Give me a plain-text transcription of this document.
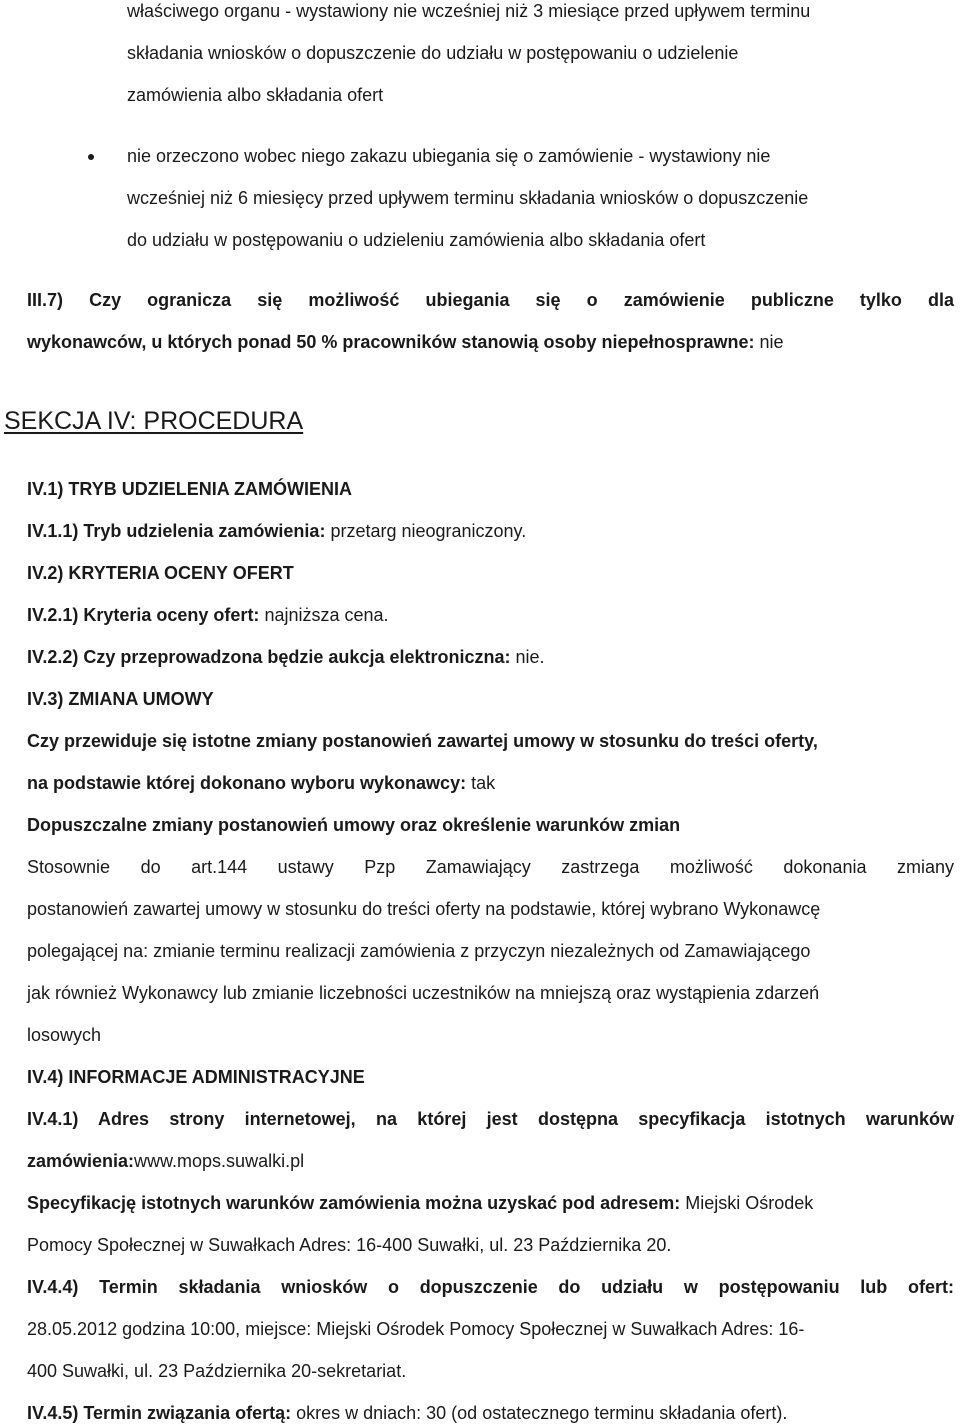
właściwego organu - wystawiony nie wcześniej niż 3 miesiące przed upływem terminu
składania wniosków o dopuszczenie do udziału w postępowaniu o udzielenie
zamówienia albo składania ofert
nie orzeczono wobec niego zakazu ubiegania się o zamówienie - wystawiony nie
wcześniej niż 6 miesięcy przed upływem terminu składania wniosków o dopuszczenie
do udziału w postępowaniu o udzieleniu zamówienia albo składania ofert
III.7) Czy ogranicza się możliwość ubiegania się o zamówienie publiczne tylko dla
wykonawców, u których ponad 50 % pracowników stanowią osoby niepełnosprawne: nie
SEKCJA IV: PROCEDURA
IV.1) TRYB UDZIELENIA ZAMÓWIENIA
IV.1.1) Tryb udzielenia zamówienia: przetarg nieograniczony.
IV.2) KRYTERIA OCENY OFERT
IV.2.1) Kryteria oceny ofert: najniższa cena.
IV.2.2) Czy przeprowadzona będzie aukcja elektroniczna: nie.
IV.3) ZMIANA UMOWY
Czy przewiduje się istotne zmiany postanowień zawartej umowy w stosunku do treści oferty,
na podstawie której dokonano wyboru wykonawcy: tak
Dopuszczalne zmiany postanowień umowy oraz określenie warunków zmian
Stosownie do art.144 ustawy Pzp Zamawiający zastrzega możliwość dokonania zmiany
postanowień zawartej umowy w stosunku do treści oferty na podstawie, której wybrano Wykonawcę
polegającej na: zmianie terminu realizacji zamówienia z przyczyn niezależnych od Zamawiającego
jak również Wykonawcy lub zmianie liczebności uczestników na mniejszą oraz wystąpienia zdarzeń
losowych
IV.4) INFORMACJE ADMINISTRACYJNE
IV.4.1) Adres strony internetowej, na której jest dostępna specyfikacja istotnych warunków
zamówienia:www.mops.suwalki.pl
Specyfikację istotnych warunków zamówienia można uzyskać pod adresem: Miejski Ośrodek
Pomocy Społecznej w Suwałkach Adres: 16-400 Suwałki, ul. 23 Października 20.
IV.4.4) Termin składania wniosków o dopuszczenie do udziału w postępowaniu lub ofert:
28.05.2012 godzina 10:00, miejsce: Miejski Ośrodek Pomocy Społecznej w Suwałkach Adres: 16-
400 Suwałki, ul. 23 Października 20-sekretariat.
IV.4.5) Termin związania ofertą: okres w dniach: 30 (od ostatecznego terminu składania ofert).
